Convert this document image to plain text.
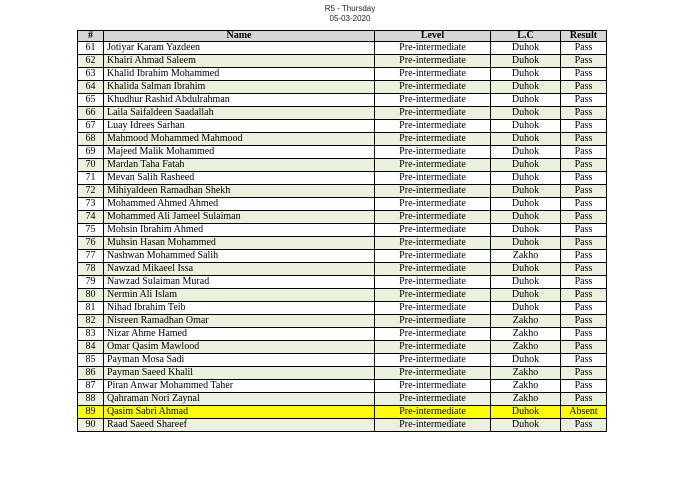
R5 - Thursday
05-03-2020
#	Name	Level	L.C	Result
61	Jotiyar Karam Yazdeen	Pre-intermediate	Duhok	Pass
62	Khairi Ahmad Saleem	Pre-intermediate	Duhok	Pass
63	Khalid Ibrahim Mohammed	Pre-intermediate	Duhok	Pass
64	Khalida Salman Ibrahim	Pre-intermediate	Duhok	Pass
65	Khudhur Rashid Abdulrahman	Pre-intermediate	Duhok	Pass
66	Laila Saifaldeen Saadallah	Pre-intermediate	Duhok	Pass
67	Luay Idrees Sarhan	Pre-intermediate	Duhok	Pass
68	Mahmood Mohammed Mahmood	Pre-intermediate	Duhok	Pass
69	Majeed Malik Mohammed	Pre-intermediate	Duhok	Pass
70	Mardan Taha Fatah	Pre-intermediate	Duhok	Pass
71	Mevan Salih Rasheed	Pre-intermediate	Duhok	Pass
72	Mihiyaldeen Ramadhan Shekh	Pre-intermediate	Duhok	Pass
73	Mohammed Ahmed Ahmed	Pre-intermediate	Duhok	Pass
74	Mohammed Ali Jameel Sulaiman	Pre-intermediate	Duhok	Pass
75	Mohsin Ibrahim Ahmed	Pre-intermediate	Duhok	Pass
76	Muhsin Hasan Mohammed	Pre-intermediate	Duhok	Pass
77	Nashwan Mohammed Salih	Pre-intermediate	Zakho	Pass
78	Nawzad Mikaeel Issa	Pre-intermediate	Duhok	Pass
79	Nawzad Sulaiman Murad	Pre-intermediate	Duhok	Pass
80	Nermin Ali Islam	Pre-intermediate	Duhok	Pass
81	Nihad Ibrahim Teib	Pre-intermediate	Duhok	Pass
82	Nisreen Ramadhan Omar	Pre-intermediate	Zakho	Pass
83	Nizar Ahme Hamed	Pre-intermediate	Zakho	Pass
84	Omar Qasim Mawlood	Pre-intermediate	Zakho	Pass
85	Payman Mosa Sadi	Pre-intermediate	Duhok	Pass
86	Payman Saeed Khalil	Pre-intermediate	Zakho	Pass
87	Piran Anwar Mohammed Taher	Pre-intermediate	Zakho	Pass
88	Qahraman Nori Zaynal	Pre-intermediate	Zakho	Pass
89	Qasim Sabri Ahmad	Pre-intermediate	Duhok	Absent
90	Raad Saeed Shareef	Pre-intermediate	Duhok	Pass
